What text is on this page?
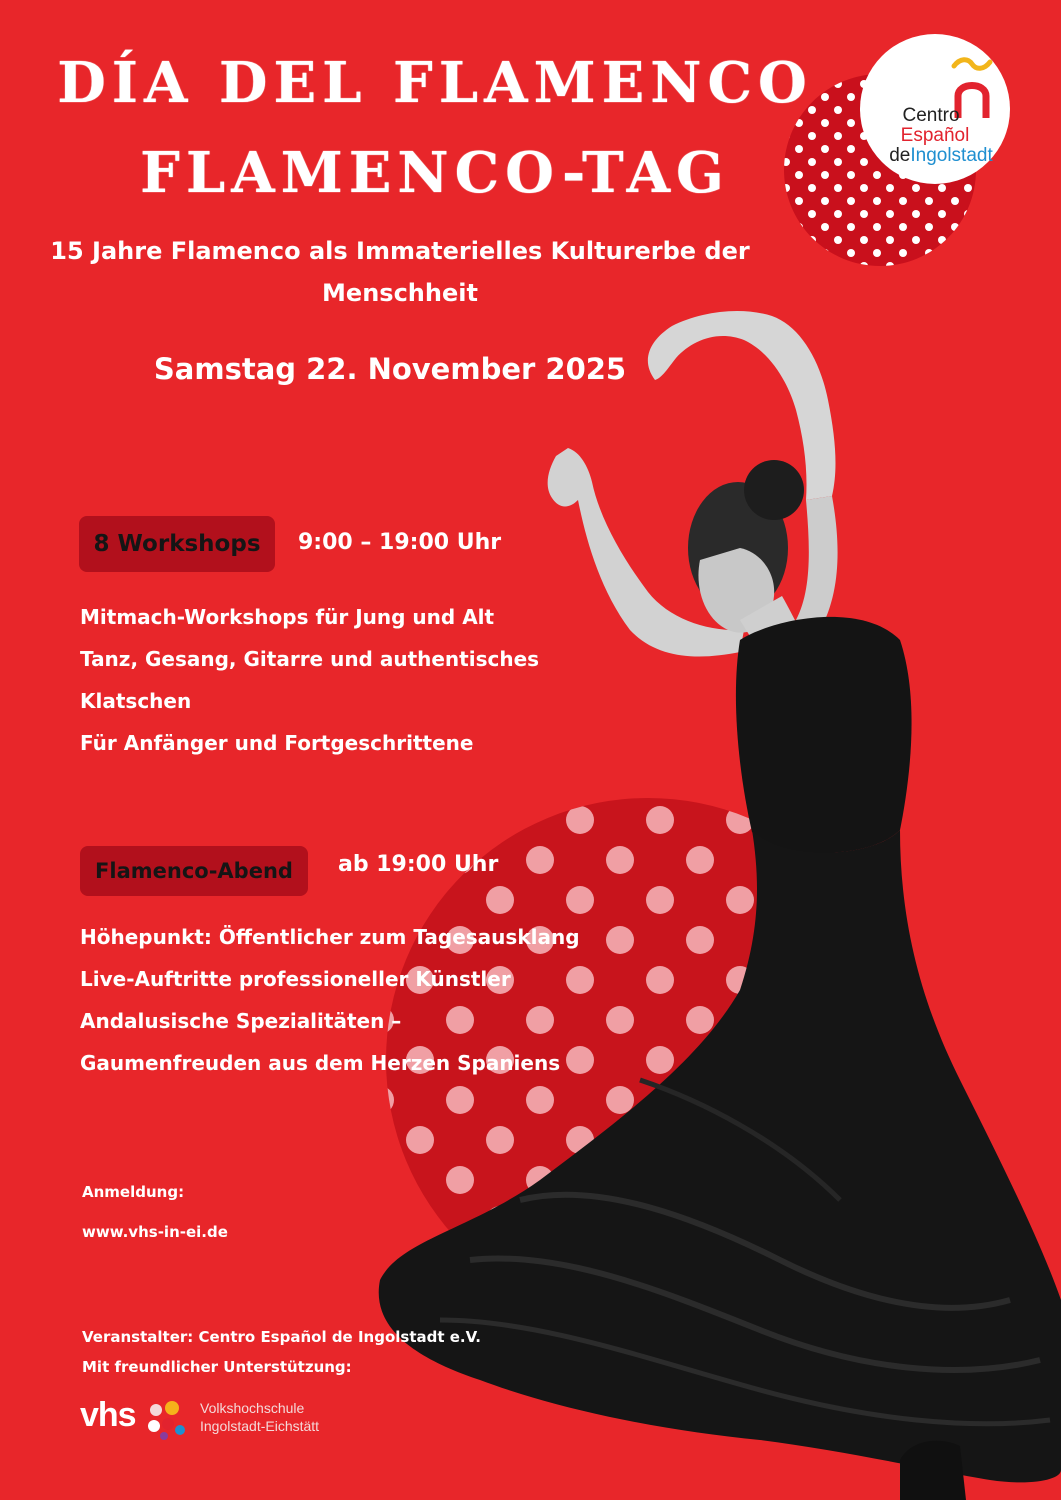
DÍA DEL FLAMENCO
FLAMENCO-TAG
15 Jahre Flamenco als Immaterielles Kulturerbe der
Menschheit
Samstag 22. November 2025
Centro
Español
deIngolstadt
8 Workshops	9:00 – 19:00 Uhr
Mitmach-Workshops für Jung und Alt
Tanz, Gesang, Gitarre und authentisches
Klatschen
Für Anfänger und Fortgeschrittene
Flamenco-Abend	ab 19:00 Uhr
Höhepunkt: Öffentlicher zum Tagesausklang
Live-Auftritte professioneller Künstler
Andalusische Spezialitäten –
Gaumenfreuden aus dem Herzen Spaniens
Anmeldung:
www.vhs-in-ei.de
Veranstalter: Centro Español de Ingolstadt e.V.
Mit freundlicher Unterstützung:
vhs	Volkshochschule
Ingolstadt-Eichstätt
